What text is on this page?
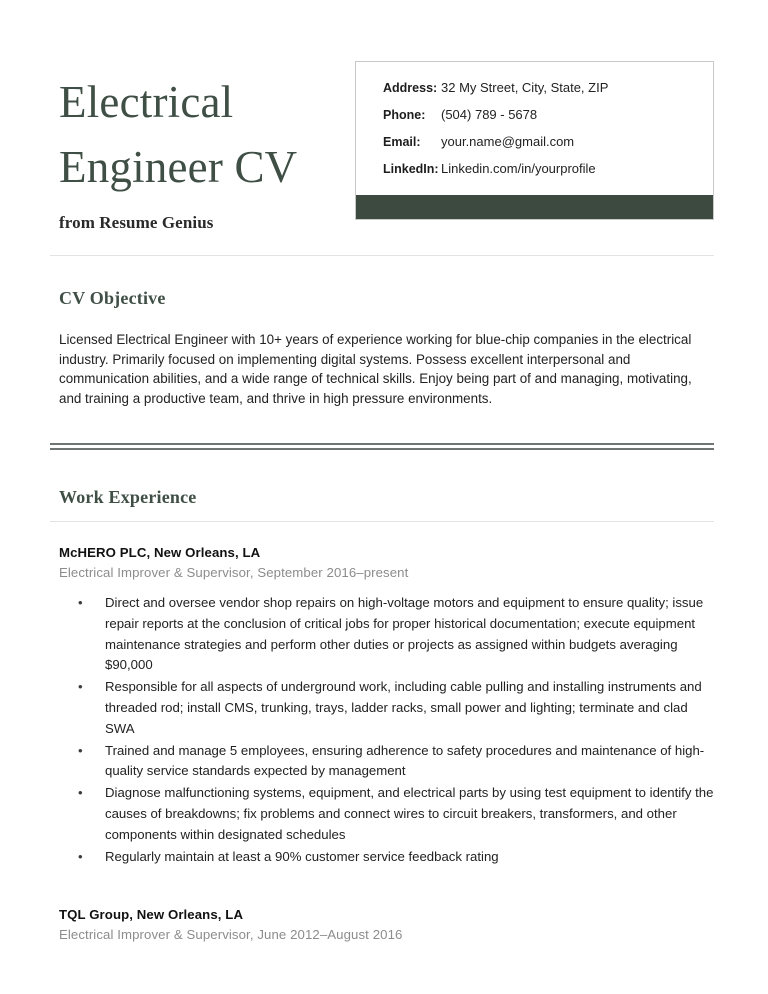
Electrical
Engineer CV
from Resume Genius
Address: 32 My Street, City, State, ZIP
Phone:	(504) 789 - 5678
Email:	your.name@gmail.com
LinkedIn: Linkedin.com/in/yourprofile
CV Objective
Licensed Electrical Engineer with 10+ years of experience working for blue-chip companies in the electrical industry. Primarily focused on implementing digital systems. Possess excellent interpersonal and communication abilities, and a wide range of technical skills. Enjoy being part of and managing, motivating, and training a productive team, and thrive in high pressure environments.
Work Experience
McHERO PLC, New Orleans, LA
Electrical Improver & Supervisor, September 2016–present
• Direct and oversee vendor shop repairs on high-voltage motors and equipment to ensure quality; issue repair reports at the conclusion of critical jobs for proper historical documentation; execute equipment maintenance strategies and perform other duties or projects as assigned within budgets averaging $90,000
• Responsible for all aspects of underground work, including cable pulling and installing instruments and threaded rod; install CMS, trunking, trays, ladder racks, small power and lighting; terminate and clad SWA
• Trained and manage 5 employees, ensuring adherence to safety procedures and maintenance of high-quality service standards expected by management
• Diagnose malfunctioning systems, equipment, and electrical parts by using test equipment to identify the causes of breakdowns; fix problems and connect wires to circuit breakers, transformers, and other components within designated schedules
• Regularly maintain at least a 90% customer service feedback rating
TQL Group, New Orleans, LA
Electrical Improver & Supervisor, June 2012–August 2016
